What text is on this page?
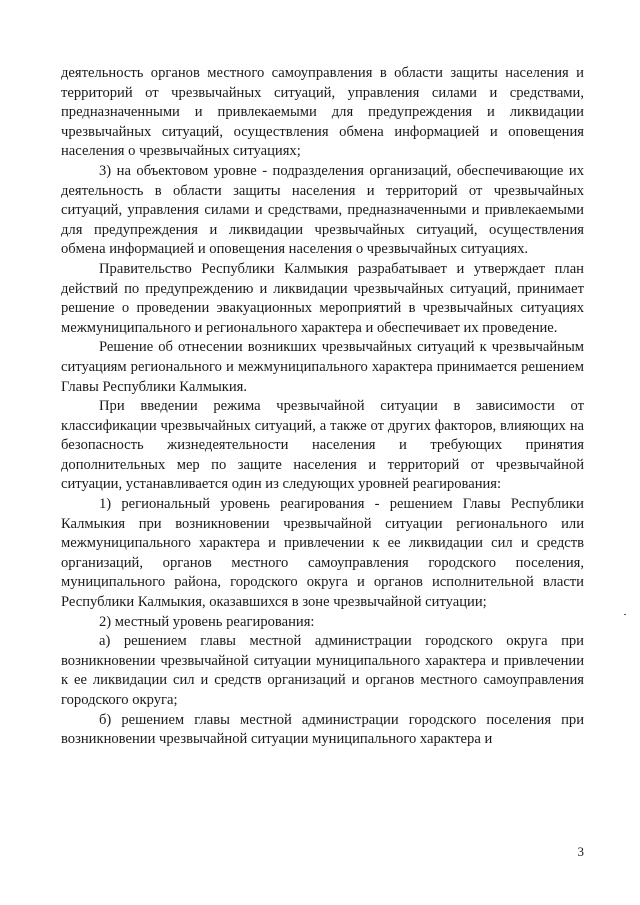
деятельность органов местного самоуправления в области защиты населения и территорий от чрезвычайных ситуаций, управления силами и средствами, предназначенными и привлекаемыми для предупреждения и ликвидации чрезвычайных ситуаций, осуществления обмена информацией и оповещения населения о чрезвычайных ситуациях;

3) на объектовом уровне - подразделения организаций, обеспечивающие их деятельность в области защиты населения и территорий от чрезвычайных ситуаций, управления силами и средствами, предназначенными и привлекаемыми для предупреждения и ликвидации чрезвычайных ситуаций, осуществления обмена информацией и оповещения населения о чрезвычайных ситуациях.

Правительство Республики Калмыкия разрабатывает и утверждает план действий по предупреждению и ликвидации чрезвычайных ситуаций, принимает решение о проведении эвакуационных мероприятий в чрезвычайных ситуациях межмуниципального и регионального характера и обеспечивает их проведение.

Решение об отнесении возникших чрезвычайных ситуаций к чрезвычайным ситуациям регионального и межмуниципального характера принимается решением Главы Республики Калмыкия.

При введении режима чрезвычайной ситуации в зависимости от классификации чрезвычайных ситуаций, а также от других факторов, влияющих на безопасность жизнедеятельности населения и требующих принятия дополнительных мер по защите населения и территорий от чрезвычайной ситуации, устанавливается один из следующих уровней реагирования:

1) региональный уровень реагирования - решением Главы Республики Калмыкия при возникновении чрезвычайной ситуации регионального или межмуниципального характера и привлечении к ее ликвидации сил и средств организаций, органов местного самоуправления городского поселения, муниципального района, городского округа и органов исполнительной власти Республики Калмыкия, оказавшихся в зоне чрезвычайной ситуации;

2) местный уровень реагирования:

а) решением главы местной администрации городского округа при возникновении чрезвычайной ситуации муниципального характера и привлечении к ее ликвидации сил и средств организаций и органов местного самоуправления городского округа;

б) решением главы местной администрации городского поселения при возникновении чрезвычайной ситуации муниципального характера и

3
